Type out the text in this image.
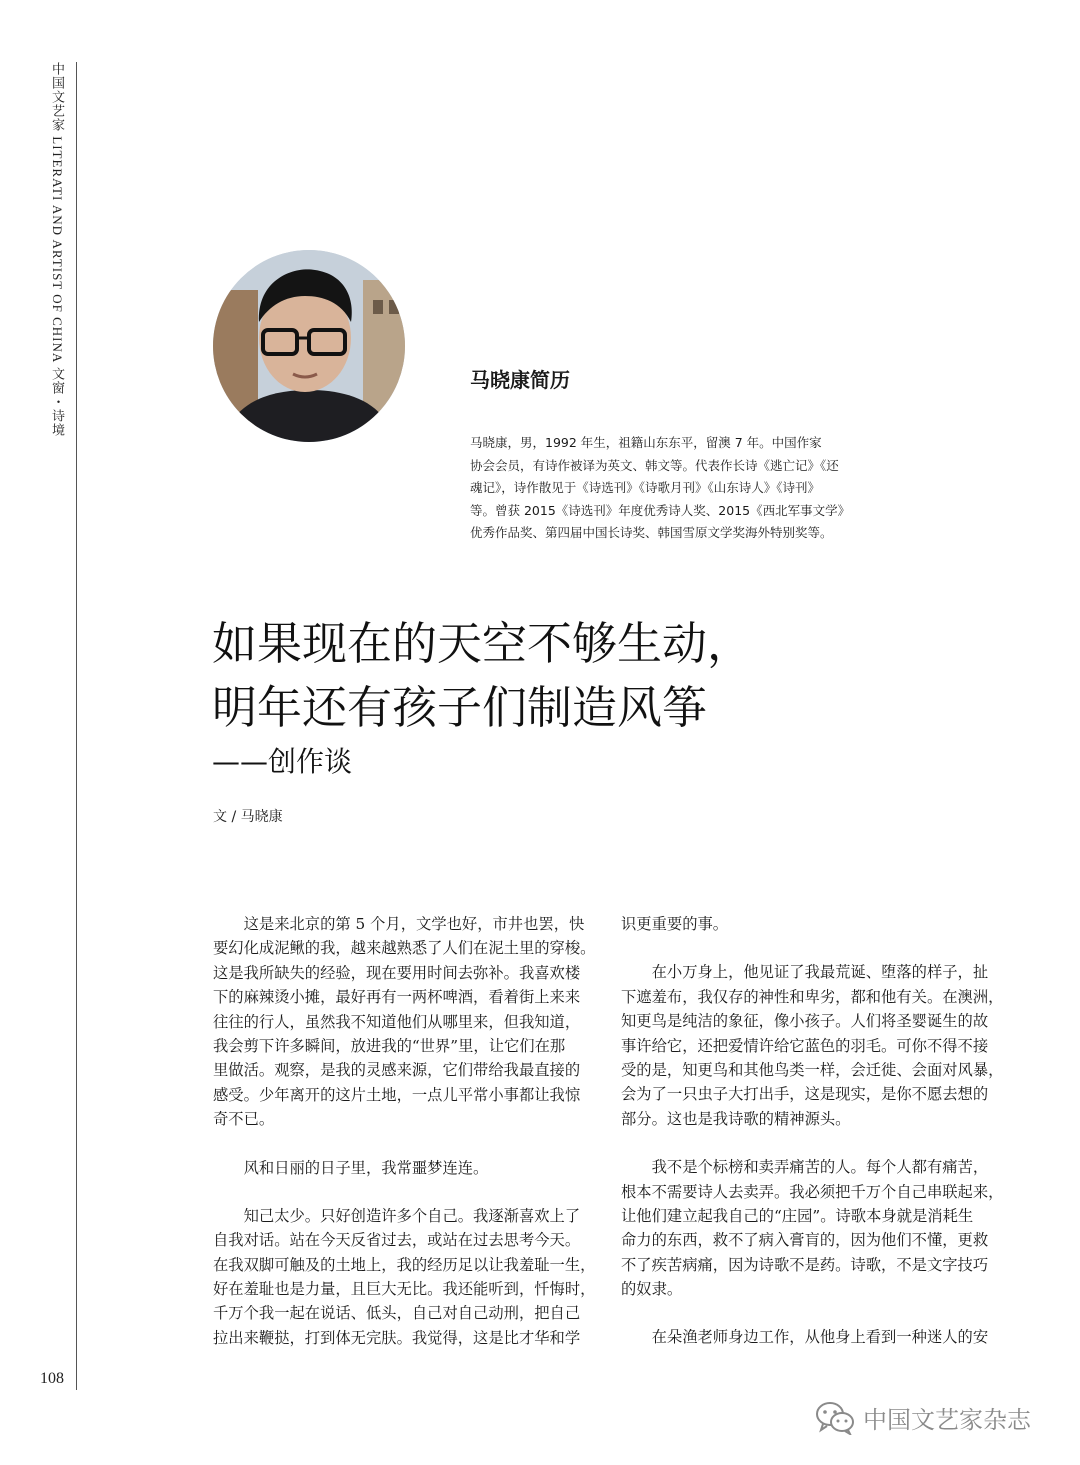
中国文艺家 LITERATI AND ARTIST OF CHINA 文窗・诗境	马晓康简历
马晓康，男，1992 年生，祖籍山东东平，留澳 7 年。中国作家
协会会员，有诗作被译为英文、韩文等。代表作长诗《逃亡记》《还
魂记》，诗作散见于《诗选刊》《诗歌月刊》《山东诗人》《诗刊》
等。曾获 2015《诗选刊》年度优秀诗人奖、2015《西北军事文学》
优秀作品奖、第四届中国长诗奖、韩国雪原文学奖海外特别奖等。
如果现在的天空不够生动，
明年还有孩子们制造风筝
——创作谈
文 / 马晓康
　　这是来北京的第 5 个月，文学也好，市井也罢，快
要幻化成泥鳅的我，越来越熟悉了人们在泥土里的穿梭。
这是我所缺失的经验，现在要用时间去弥补。我喜欢楼
下的麻辣烫小摊，最好再有一两杯啤酒，看着街上来来
往往的行人，虽然我不知道他们从哪里来，但我知道，
我会剪下许多瞬间，放进我的“世界”里，让它们在那
里做活。观察，是我的灵感来源，它们带给我最直接的
感受。少年离开的这片土地，一点儿平常小事都让我惊
奇不已。
　　风和日丽的日子里，我常噩梦连连。
　　知己太少。只好创造许多个自己。我逐渐喜欢上了
自我对话。站在今天反省过去，或站在过去思考今天。
在我双脚可触及的土地上，我的经历足以让我羞耻一生，
好在羞耻也是力量，且巨大无比。我还能听到，忏悔时，
千万个我一起在说话、低头，自己对自己动刑，把自己
拉出来鞭挞，打到体无完肤。我觉得，这是比才华和学
识更重要的事。
　　在小万身上，他见证了我最荒诞、堕落的样子，扯
下遮羞布，我仅存的神性和卑劣，都和他有关。在澳洲，
知更鸟是纯洁的象征，像小孩子。人们将圣婴诞生的故
事许给它，还把爱情许给它蓝色的羽毛。可你不得不接
受的是，知更鸟和其他鸟类一样，会迁徙、会面对风暴，
会为了一只虫子大打出手，这是现实，是你不愿去想的
部分。这也是我诗歌的精神源头。
　　我不是个标榜和卖弄痛苦的人。每个人都有痛苦，
根本不需要诗人去卖弄。我必须把千万个自己串联起来，
让他们建立起我自己的“庄园”。诗歌本身就是消耗生
命力的东西，救不了病入膏肓的，因为他们不懂，更救
不了疾苦病痛，因为诗歌不是药。诗歌，不是文字技巧
的奴隶。
　　在朵渔老师身边工作，从他身上看到一种迷人的安
108
中国文艺家杂志
